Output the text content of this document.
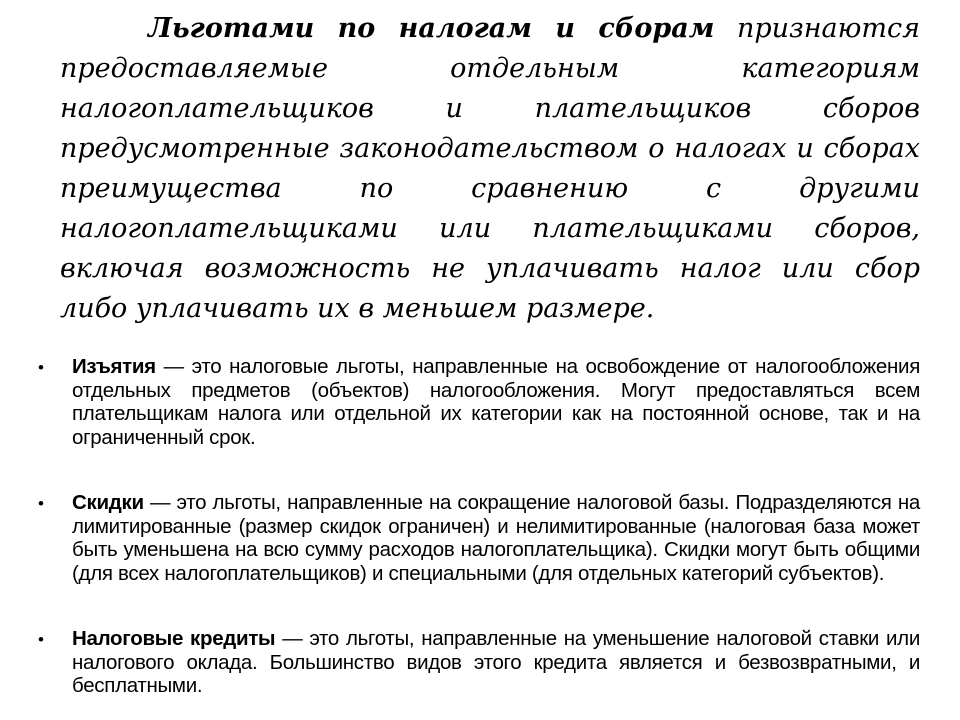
Льготами по налогам и сборам признаются предоставляемые отдельным категориям налогоплательщиков и плательщиков сборов предусмотренные законодательством о налогах и сборах преимущества по сравнению с другими налогоплательщиками или плательщиками сборов, включая возможность не уплачивать налог или сбор либо уплачивать их в меньшем размере.

• Изъятия — это налоговые льготы, направленные на освобождение от налогообложения отдельных предметов (объектов) налогообложения. Могут предоставляться всем плательщикам налога или отдельной их категории как на постоянной основе, так и на ограниченный срок.
• Скидки — это льготы, направленные на сокращение налоговой базы. Подразделяются на лимитированные (размер скидок ограничен) и нелимитированные (налоговая база может быть уменьшена на всю сумму расходов налогоплательщика). Скидки могут быть общими (для всех налогоплательщиков) и специальными (для отдельных категорий субъектов).
• Налоговые кредиты — это льготы, направленные на уменьшение налоговой ставки или налогового оклада. Большинство видов этого кредита является и безвозвратными, и бесплатными.
